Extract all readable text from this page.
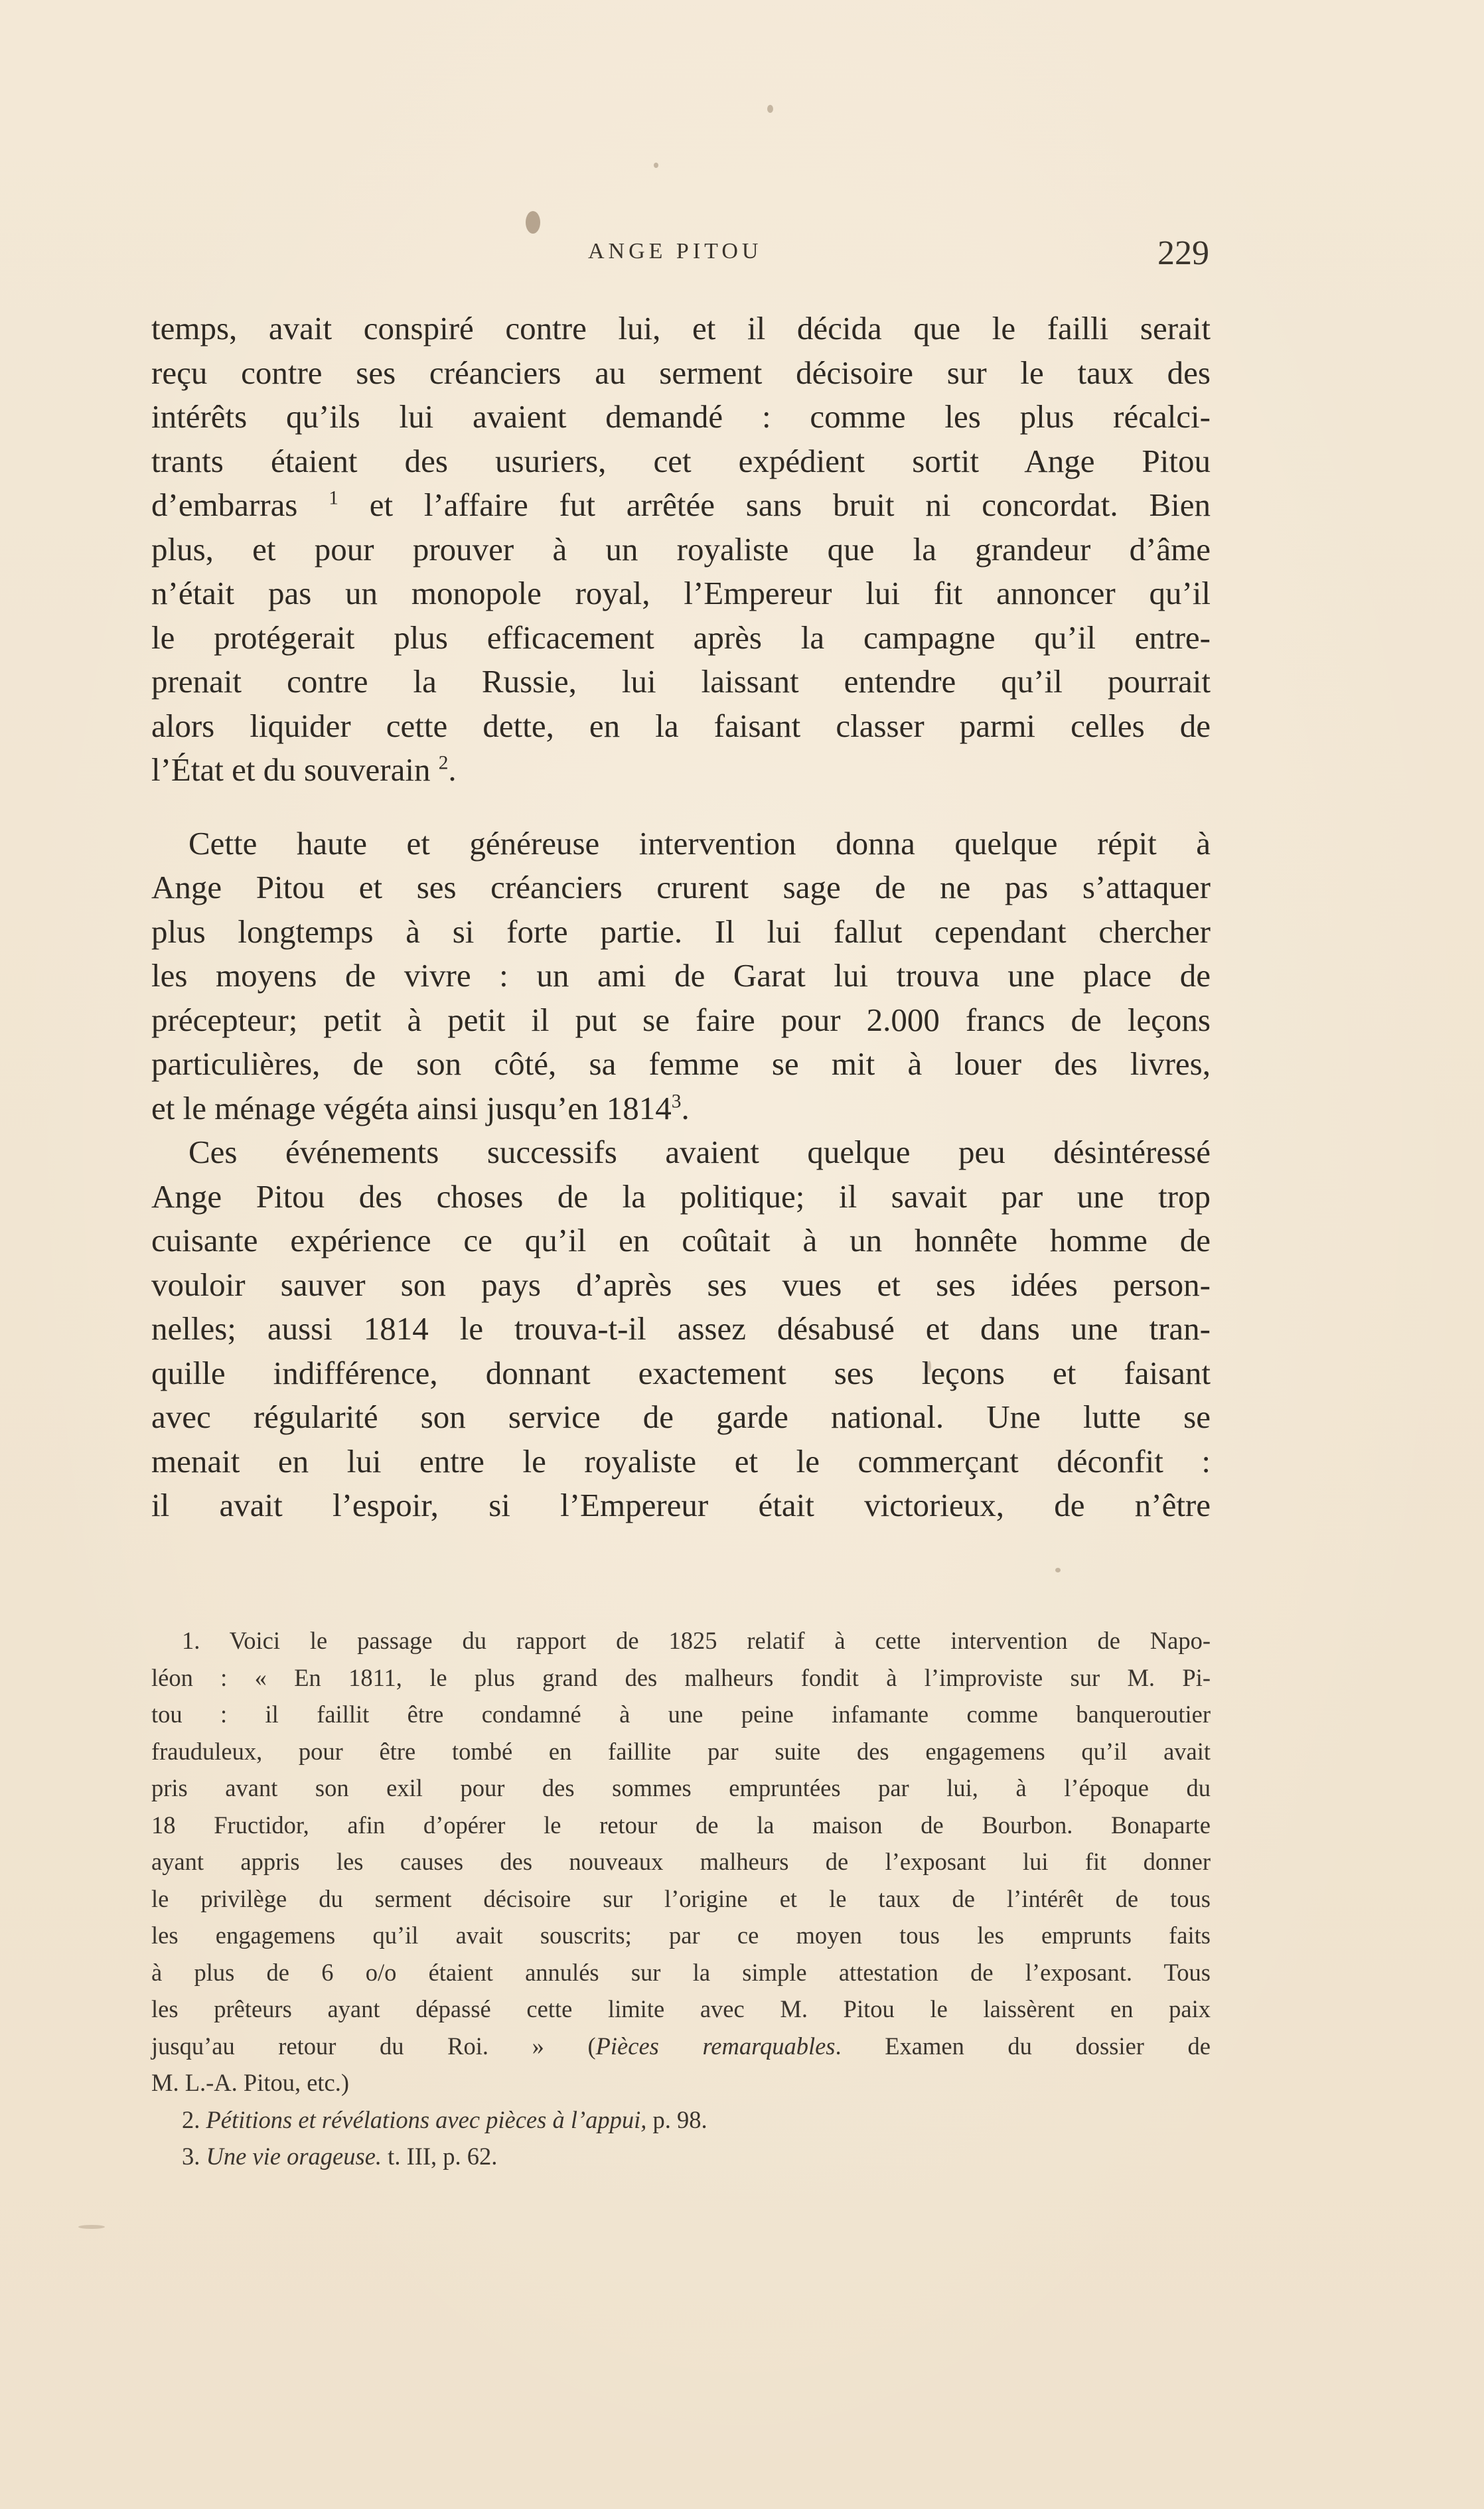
ANGE PITOU	229
temps, avait conspiré contre lui, et il décida que le failli serait
reçu contre ses créanciers au serment décisoire sur le taux des
intérêts qu’ils lui avaient demandé : comme les plus récalci-
trants étaient des usuriers, cet expédient sortit Ange Pitou
d’embarras $^1$ et l’affaire fut arrêtée sans bruit ni concordat. Bien
plus, et pour prouver à un royaliste que la grandeur d’âme
n’était pas un monopole royal, l’Empereur lui fit annoncer qu’il
le protégerait plus efficacement après la campagne qu’il entre-
prenait contre la Russie, lui laissant entendre qu’il pourrait
alors liquider cette dette, en la faisant classer parmi celles de
l’État et du souverain $^2$.
Cette haute et généreuse intervention donna quelque répit à
Ange Pitou et ses créanciers crurent sage de ne pas s’attaquer
plus longtemps à si forte partie. Il lui fallut cependant chercher
les moyens de vivre : un ami de Garat lui trouva une place de
précepteur; petit à petit il put se faire pour 2.000 francs de leçons
particulières, de son côté, sa femme se mit à louer des livres,
et le ménage végéta ainsi jusqu’en 1814$^3$.
Ces événements successifs avaient quelque peu désintéressé
Ange Pitou des choses de la politique; il savait par une trop
cuisante expérience ce qu’il en coûtait à un honnête homme de
vouloir sauver son pays d’après ses vues et ses idées person-
nelles; aussi 1814 le trouva-t-il assez désabusé et dans une tran-
quille indifférence, donnant exactement ses leçons et faisant
avec régularité son service de garde national. Une lutte se
menait en lui entre le royaliste et le commerçant déconfit :
il avait l’espoir, si l’Empereur était victorieux, de n’être
1. Voici le passage du rapport de 1825 relatif à cette intervention de Napo-
léon : « En 1811, le plus grand des malheurs fondit à l’improviste sur M. Pi-
tou : il faillit être condamné à une peine infamante comme banqueroutier
frauduleux, pour être tombé en faillite par suite des engagemens qu’il avait
pris avant son exil pour des sommes empruntées par lui, à l’époque du
18 Fructidor, afin d’opérer le retour de la maison de Bourbon. Bonaparte
ayant appris les causes des nouveaux malheurs de l’exposant lui fit donner
le privilège du serment décisoire sur l’origine et le taux de l’intérêt de tous
les engagemens qu’il avait souscrits; par ce moyen tous les emprunts faits
à plus de 6 o/o étaient annulés sur la simple attestation de l’exposant. Tous
les prêteurs ayant dépassé cette limite avec M. Pitou le laissèrent en paix
jusqu’au retour du Roi. » (Pièces remarquables. Examen du dossier de
M. L.-A. Pitou, etc.)
2. Pétitions et révélations avec pièces à l’appui, p. 98.
3. Une vie orageuse. t. III, p. 62.
